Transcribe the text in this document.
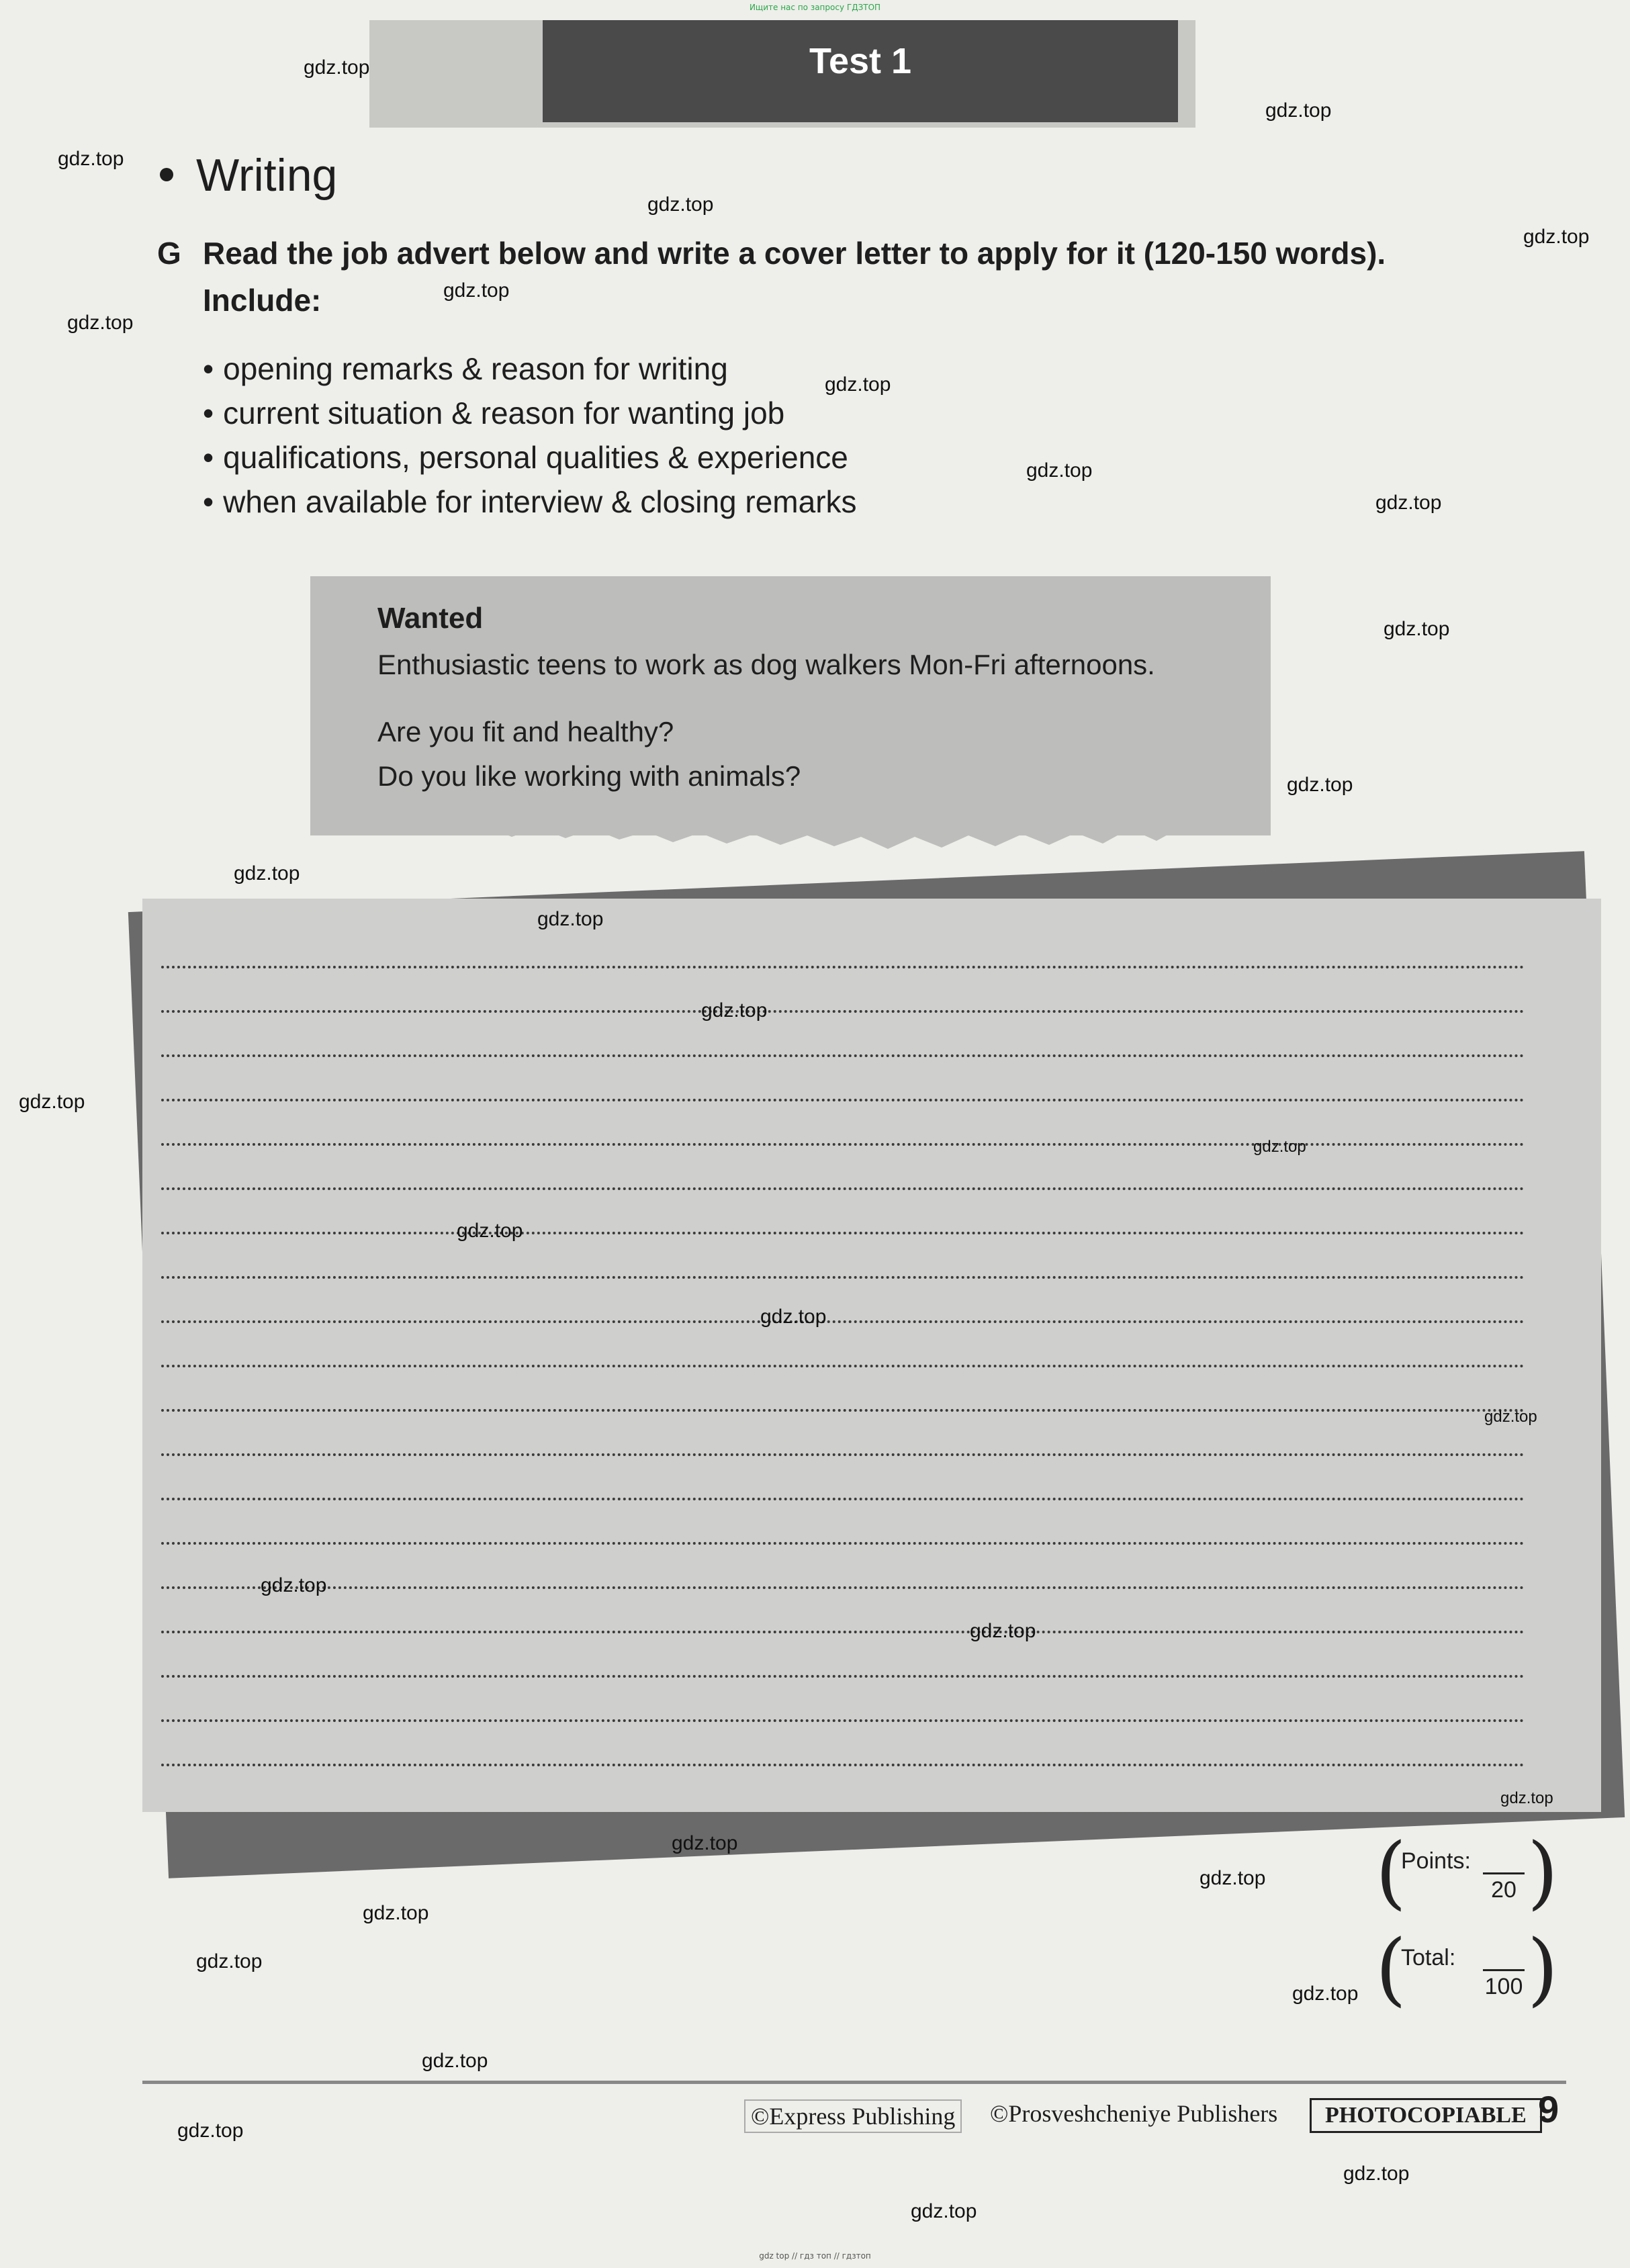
Ищите нас по запросу ГДЗТОП
Test 1
Writing
G Read the job advert below and write a cover letter to apply for it (120-150 words).
Include:
• opening remarks & reason for writing
• current situation & reason for wanting job
• qualifications, personal qualities & experience
• when available for interview & closing remarks
Wanted
Enthusiastic teens to work as dog walkers Mon-Fri afternoons.
Are you fit and healthy?
Do you like working with animals?
(
Points:
20 )
(
Total:
100 )
©Express Publishing ©Prosveshcheniye Publishers	PHOTOCOPIABLE 9
gdz.top
gdz.top
gdz.top
gdz.top
gdz.top
gdz.top
gdz.top
gdz.top
gdz.top
gdz.top
gdz.top
gdz.top
gdz.top
gdz.top
gdz.top
gdz.top
gdz.top
gdz.top
gdz.top
gdz.top
gdz.top
gdz.top
gdz.top
gdz.top
gdz.top
gdz.top
gdz.top
gdz.top
gdz.top
gdz.top
gdz.top
gdz.top
gdz top // гдз топ // гдзтоп
